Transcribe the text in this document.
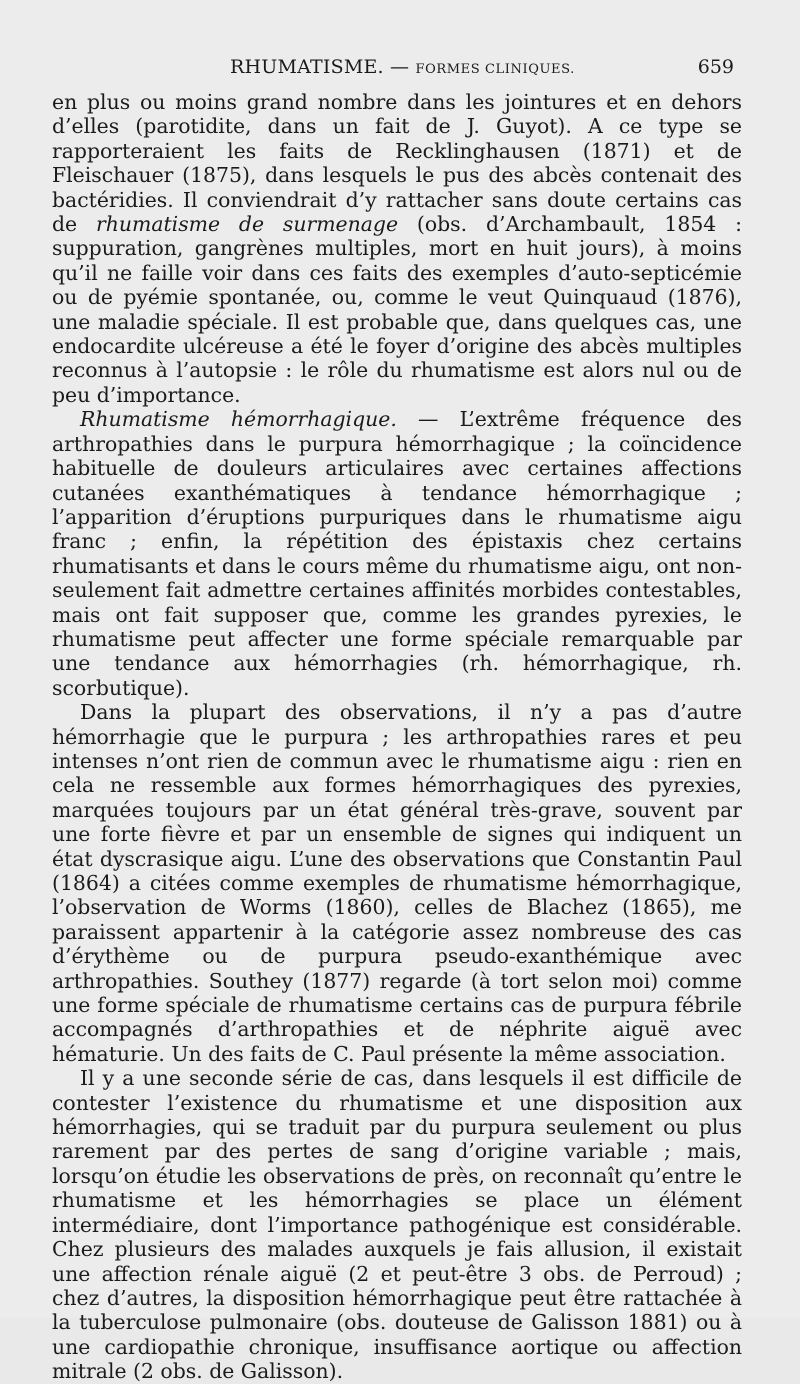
RHUMATISME. — FORMES CLINIQUES.	659

en plus ou moins grand nombre dans les jointures et en dehors d’elles (parotidite, dans un fait de J. Guyot). A ce type se rapporteraient les faits de Recklinghausen (1871) et de Fleischauer (1875), dans lesquels le pus des abcès contenait des bactéridies. Il conviendrait d’y rattacher sans doute certains cas de rhumatisme de surmenage (obs. d’Archambault, 1854 : suppuration, gangrènes multiples, mort en huit jours), à moins qu’il ne faille voir dans ces faits des exemples d’auto-septicémie ou de pyémie spontanée, ou, comme le veut Quinquaud (1876), une maladie spéciale. Il est probable que, dans quelques cas, une endocardite ulcéreuse a été le foyer d’origine des abcès multiples reconnus à l’autopsie : le rôle du rhumatisme est alors nul ou de peu d’importance.

Rhumatisme hémorrhagique. — L’extrême fréquence des arthropathies dans le purpura hémorrhagique ; la coïncidence habituelle de douleurs articulaires avec certaines affections cutanées exanthématiques à tendance hémorrhagique ; l’apparition d’éruptions purpuriques dans le rhumatisme aigu franc ; enfin, la répétition des épistaxis chez certains rhumatisants et dans le cours même du rhumatisme aigu, ont non-seulement fait admettre certaines affinités morbides contestables, mais ont fait supposer que, comme les grandes pyrexies, le rhumatisme peut affecter une forme spéciale remarquable par une tendance aux hémorrhagies (rh. hémorrhagique, rh. scorbutique).

Dans la plupart des observations, il n’y a pas d’autre hémorrhagie que le purpura ; les arthropathies rares et peu intenses n’ont rien de commun avec le rhumatisme aigu : rien en cela ne ressemble aux formes hémorrhagiques des pyrexies, marquées toujours par un état général très-grave, souvent par une forte fièvre et par un ensemble de signes qui indiquent un état dyscrasique aigu. L’une des observations que Constantin Paul (1864) a citées comme exemples de rhumatisme hémorrhagique, l’observation de Worms (1860), celles de Blachez (1865), me paraissent appartenir à la catégorie assez nombreuse des cas d’érythème ou de purpura pseudo-exanthémique avec arthropathies. Southey (1877) regarde (à tort selon moi) comme une forme spéciale de rhumatisme certains cas de purpura fébrile accompagnés d’arthropathies et de néphrite aiguë avec hématurie. Un des faits de C. Paul présente la même association.

Il y a une seconde série de cas, dans lesquels il est difficile de contester l’existence du rhumatisme et une disposition aux hémorrhagies, qui se traduit par du purpura seulement ou plus rarement par des pertes de sang d’origine variable ; mais, lorsqu’on étudie les observations de près, on reconnaît qu’entre le rhumatisme et les hémorrhagies se place un élément intermédiaire, dont l’importance pathogénique est considérable. Chez plusieurs des malades auxquels je fais allusion, il existait une affection rénale aiguë (2 et peut-être 3 obs. de Perroud) ; chez d’autres, la disposition hémorrhagique peut être rattachée à la tuberculose pulmonaire (obs. douteuse de Galisson 1881) ou à une cardiopathie chronique, insuffisance aortique ou affection mitrale (2 obs. de Galisson).
